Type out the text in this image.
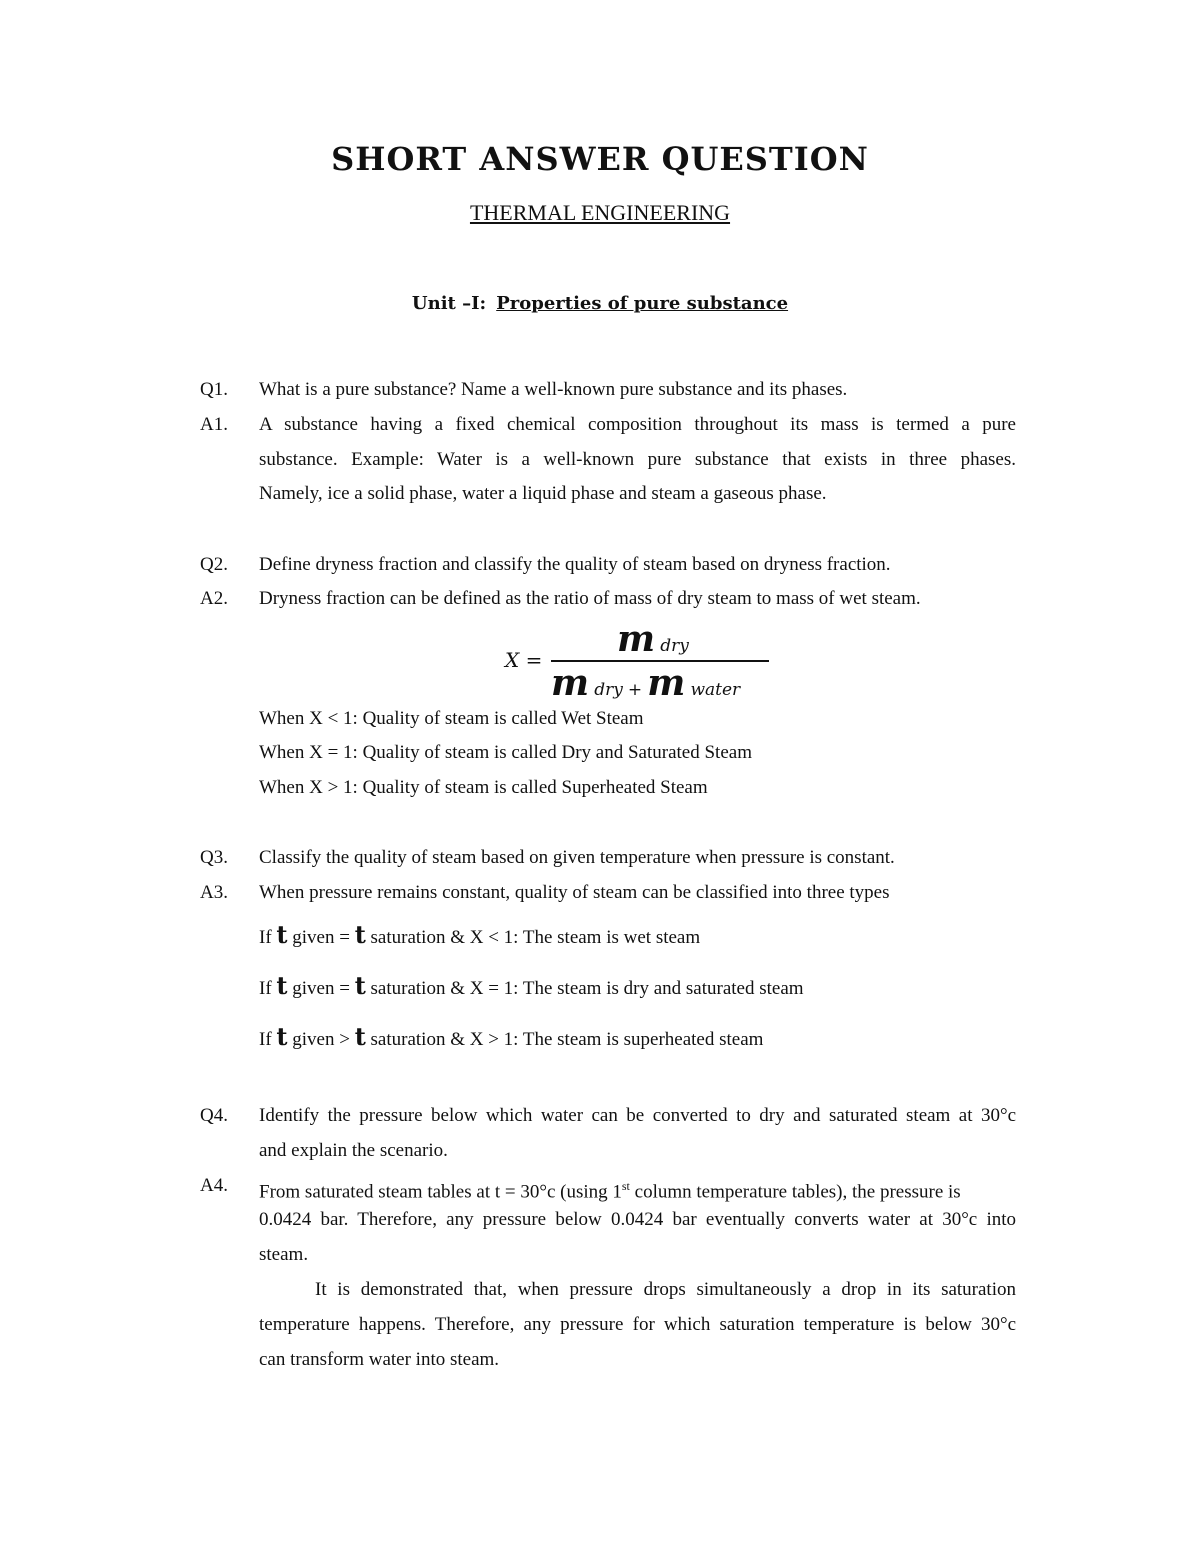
SHORT ANSWER QUESTION
THERMAL ENGINEERING
Unit –I: Properties of pure substance
Q1. What is a pure substance? Name a well-known pure substance and its phases.
A1. A substance having a fixed chemical composition throughout its mass is termed a pure
substance. Example: Water is a well-known pure substance that exists in three phases.
Namely, ice a solid phase, water a liquid phase and steam a gaseous phase.
Q2. Define dryness fraction and classify the quality of steam based on dryness fraction.
A2. Dryness fraction can be defined as the ratio of mass of dry steam to mass of wet steam.
X = m dry
m dry + m water
When X < 1: Quality of steam is called Wet Steam
When X = 1: Quality of steam is called Dry and Saturated Steam
When X > 1: Quality of steam is called Superheated Steam
Q3. Classify the quality of steam based on given temperature when pressure is constant.
A3. When pressure remains constant, quality of steam can be classified into three types
If t given = t saturation & X < 1: The steam is wet steam
If t given = t saturation & X = 1: The steam is dry and saturated steam
If t given > t saturation & X > 1: The steam is superheated steam
Q4. Identify the pressure below which water can be converted to dry and saturated steam at 30°c
and explain the scenario.
A4. From saturated steam tables at t = 30°c (using 1st column temperature tables), the pressure is
0.0424 bar. Therefore, any pressure below 0.0424 bar eventually converts water at 30°c into
steam.
It is demonstrated that, when pressure drops simultaneously a drop in its saturation
temperature happens. Therefore, any pressure for which saturation temperature is below 30°c
can transform water into steam.
